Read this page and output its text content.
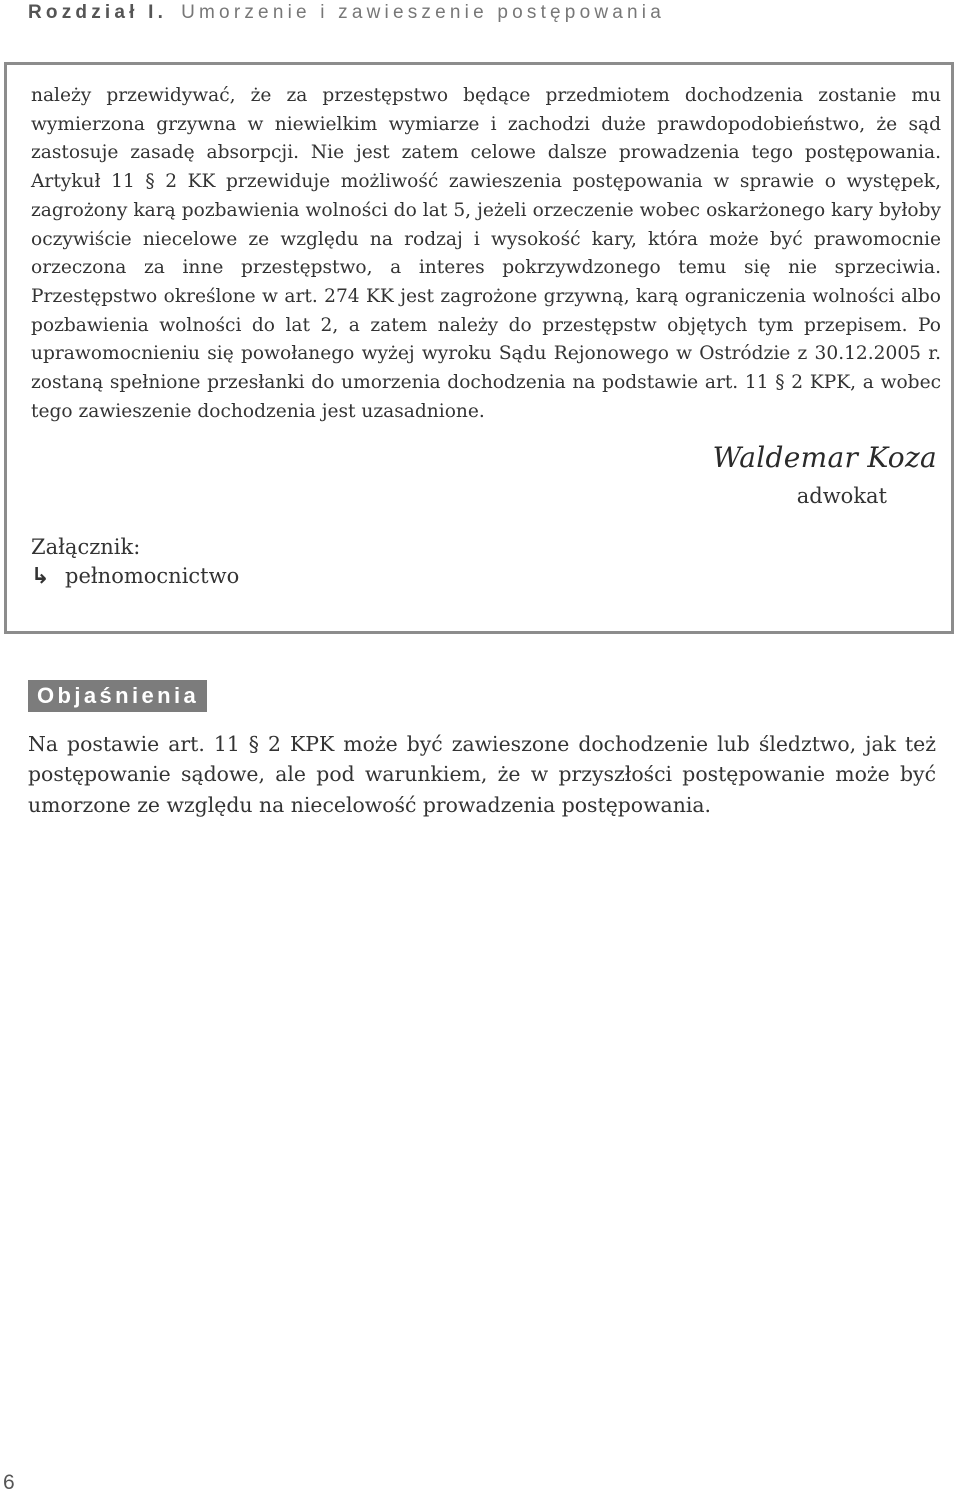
Rozdział I. Umorzenie i zawieszenie postępowania

należy przewidywać, że za przestępstwo będące przedmiotem dochodzenia zostanie mu wymierzona grzywna w niewielkim wymiarze i zachodzi duże prawdopodobieństwo, że sąd zastosuje zasadę absorpcji. Nie jest zatem celowe dalsze prowadzenia tego postępowania. Artykuł 11 § 2 KK przewiduje możliwość zawieszenia postępowania w sprawie o występek, zagrożony karą pozbawienia wolności do lat 5, jeżeli orzeczenie wobec oskarżonego kary byłoby oczywiście niecelowe ze względu na rodzaj i wysokość kary, która może być prawomocnie orzeczona za inne przestępstwo, a interes pokrzywdzonego temu się nie sprzeciwia. Przestępstwo określone w art. 274 KK jest zagrożone grzywną, karą ograniczenia wolności albo pozbawienia wolności do lat 2, a zatem należy do przestępstw objętych tym przepisem. Po uprawomocnieniu się powołanego wyżej wyroku Sądu Rejonowego w Ostródzie z 30.12.2005 r. zostaną spełnione przesłanki do umorzenia dochodzenia na podstawie art. 11 § 2 KPK, a wobec tego zawieszenie dochodzenia jest uzasadnione.

Waldemar Koza
adwokat
Załącznik:
↳ pełnomocnictwo
Objaśnienia

Na postawie art. 11 § 2 KPK może być zawieszone dochodzenie lub śledztwo, jak też postępowanie sądowe, ale pod warunkiem, że w przyszłości postępowanie może być umorzone ze względu na niecelowość prowadzenia postępowania.

6
